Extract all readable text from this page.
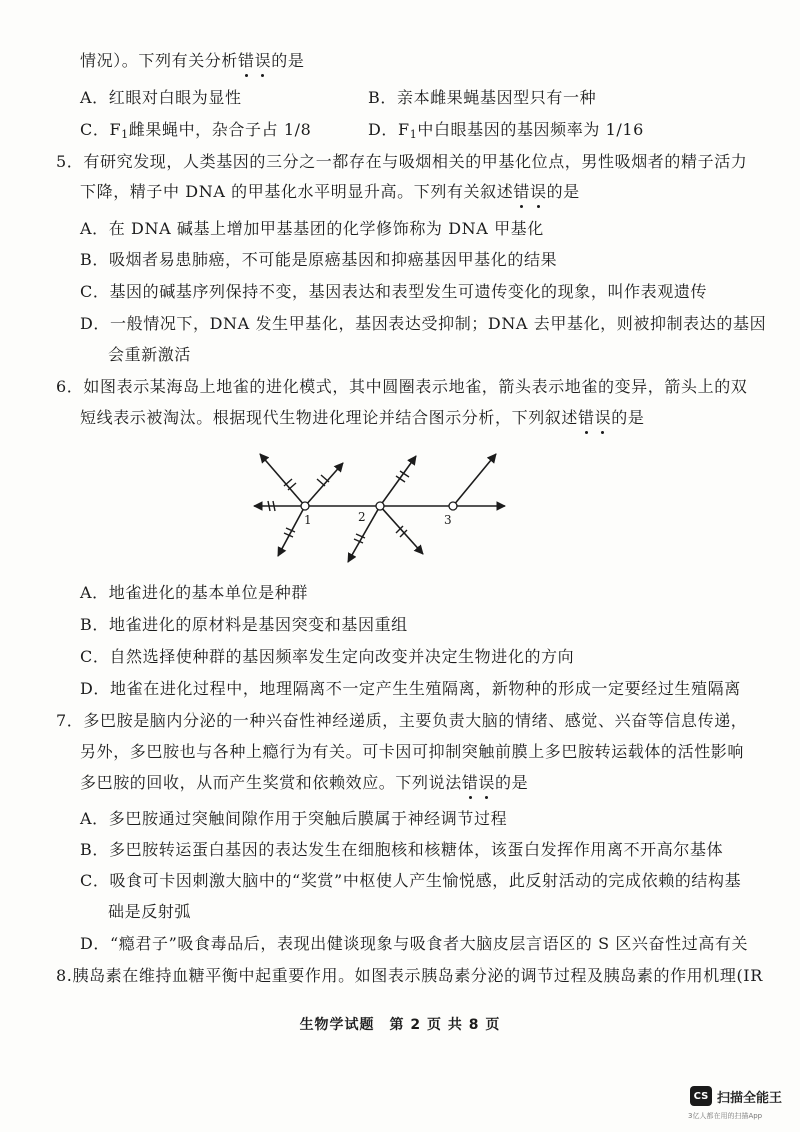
情况）。下列有关分析错误的是
A．红眼对白眼为显性	B．亲本雌果蝇基因型只有一种
C．$F_1$雌果蝇中，杂合子占 1/8	D．$F_1$中白眼基因的基因频率为 1/16
5．有研究发现，人类基因的三分之一都存在与吸烟相关的甲基化位点，男性吸烟者的精子活力
下降，精子中 DNA 的甲基化水平明显升高。下列有关叙述错误的是
A．在 DNA 碱基上增加甲基基团的化学修饰称为 DNA 甲基化
B．吸烟者易患肺癌，不可能是原癌基因和抑癌基因甲基化的结果
C．基因的碱基序列保持不变，基因表达和表型发生可遗传变化的现象，叫作表观遗传
D．一般情况下，DNA 发生甲基化，基因表达受抑制；DNA 去甲基化，则被抑制表达的基因
会重新激活
6．如图表示某海岛上地雀的进化模式，其中圆圈表示地雀，箭头表示地雀的变异，箭头上的双
短线表示被淘汰。根据现代生物进化理论并结合图示分析，下列叙述错误的是
1	2	3
A．地雀进化的基本单位是种群
B．地雀进化的原材料是基因突变和基因重组
C．自然选择使种群的基因频率发生定向改变并决定生物进化的方向
D．地雀在进化过程中，地理隔离不一定产生生殖隔离，新物种的形成一定要经过生殖隔离
7．多巴胺是脑内分泌的一种兴奋性神经递质，主要负责大脑的情绪、感觉、兴奋等信息传递，
另外，多巴胺也与各种上瘾行为有关。可卡因可抑制突触前膜上多巴胺转运载体的活性影响
多巴胺的回收，从而产生奖赏和依赖效应。下列说法错误的是
A．多巴胺通过突触间隙作用于突触后膜属于神经调节过程
B．多巴胺转运蛋白基因的表达发生在细胞核和核糖体，该蛋白发挥作用离不开高尔基体
C．吸食可卡因刺激大脑中的“奖赏”中枢使人产生愉悦感，此反射活动的完成依赖的结构基
础是反射弧
D．“瘾君子”吸食毒品后，表现出健谈现象与吸食者大脑皮层言语区的 S 区兴奋性过高有关
8.胰岛素在维持血糖平衡中起重要作用。如图表示胰岛素分泌的调节过程及胰岛素的作用机理(IR
生物学试题　第 2 页 共 8 页
CS 扫描全能王
3亿人都在用的扫描App
